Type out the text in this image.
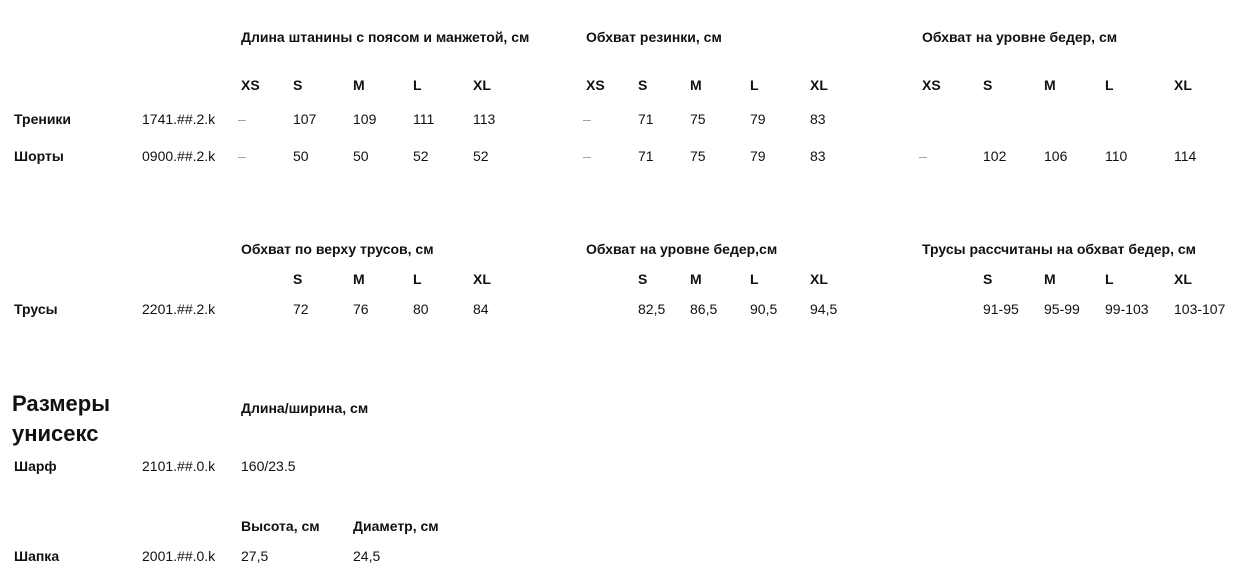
Длина штанины с поясом и манжетой, см	Обхват резинки, см	Обхват на уровне бедер, см
XS S	M	L	XL	XS S	M	L	XL	XS	S	M	L	XL
Треники	1741.##.2.k –	107	109	111	113	–	71	75	79	83
Шорты	0900.##.2.k –	50	50	52	52	–	71	75	79	83	–	102	106	110	114
Обхват по верху трусов, см	Обхват на уровне бедер,см	Трусы рассчитаны на обхват бедер, см
S	M	L	XL	S	M	L	XL	S	M	L	XL
Трусы	2201.##.2.k	72	76	80	84	82,5 86,5 90,5 94,5	91-95 95-99 99-103 103-107
Размеры
унисекс
Длина/ширина, см
Шарф	2101.##.0.k 160/23.5
Высота, см Диаметр, см
Шапка	2001.##.0.k 27,5	24,5
